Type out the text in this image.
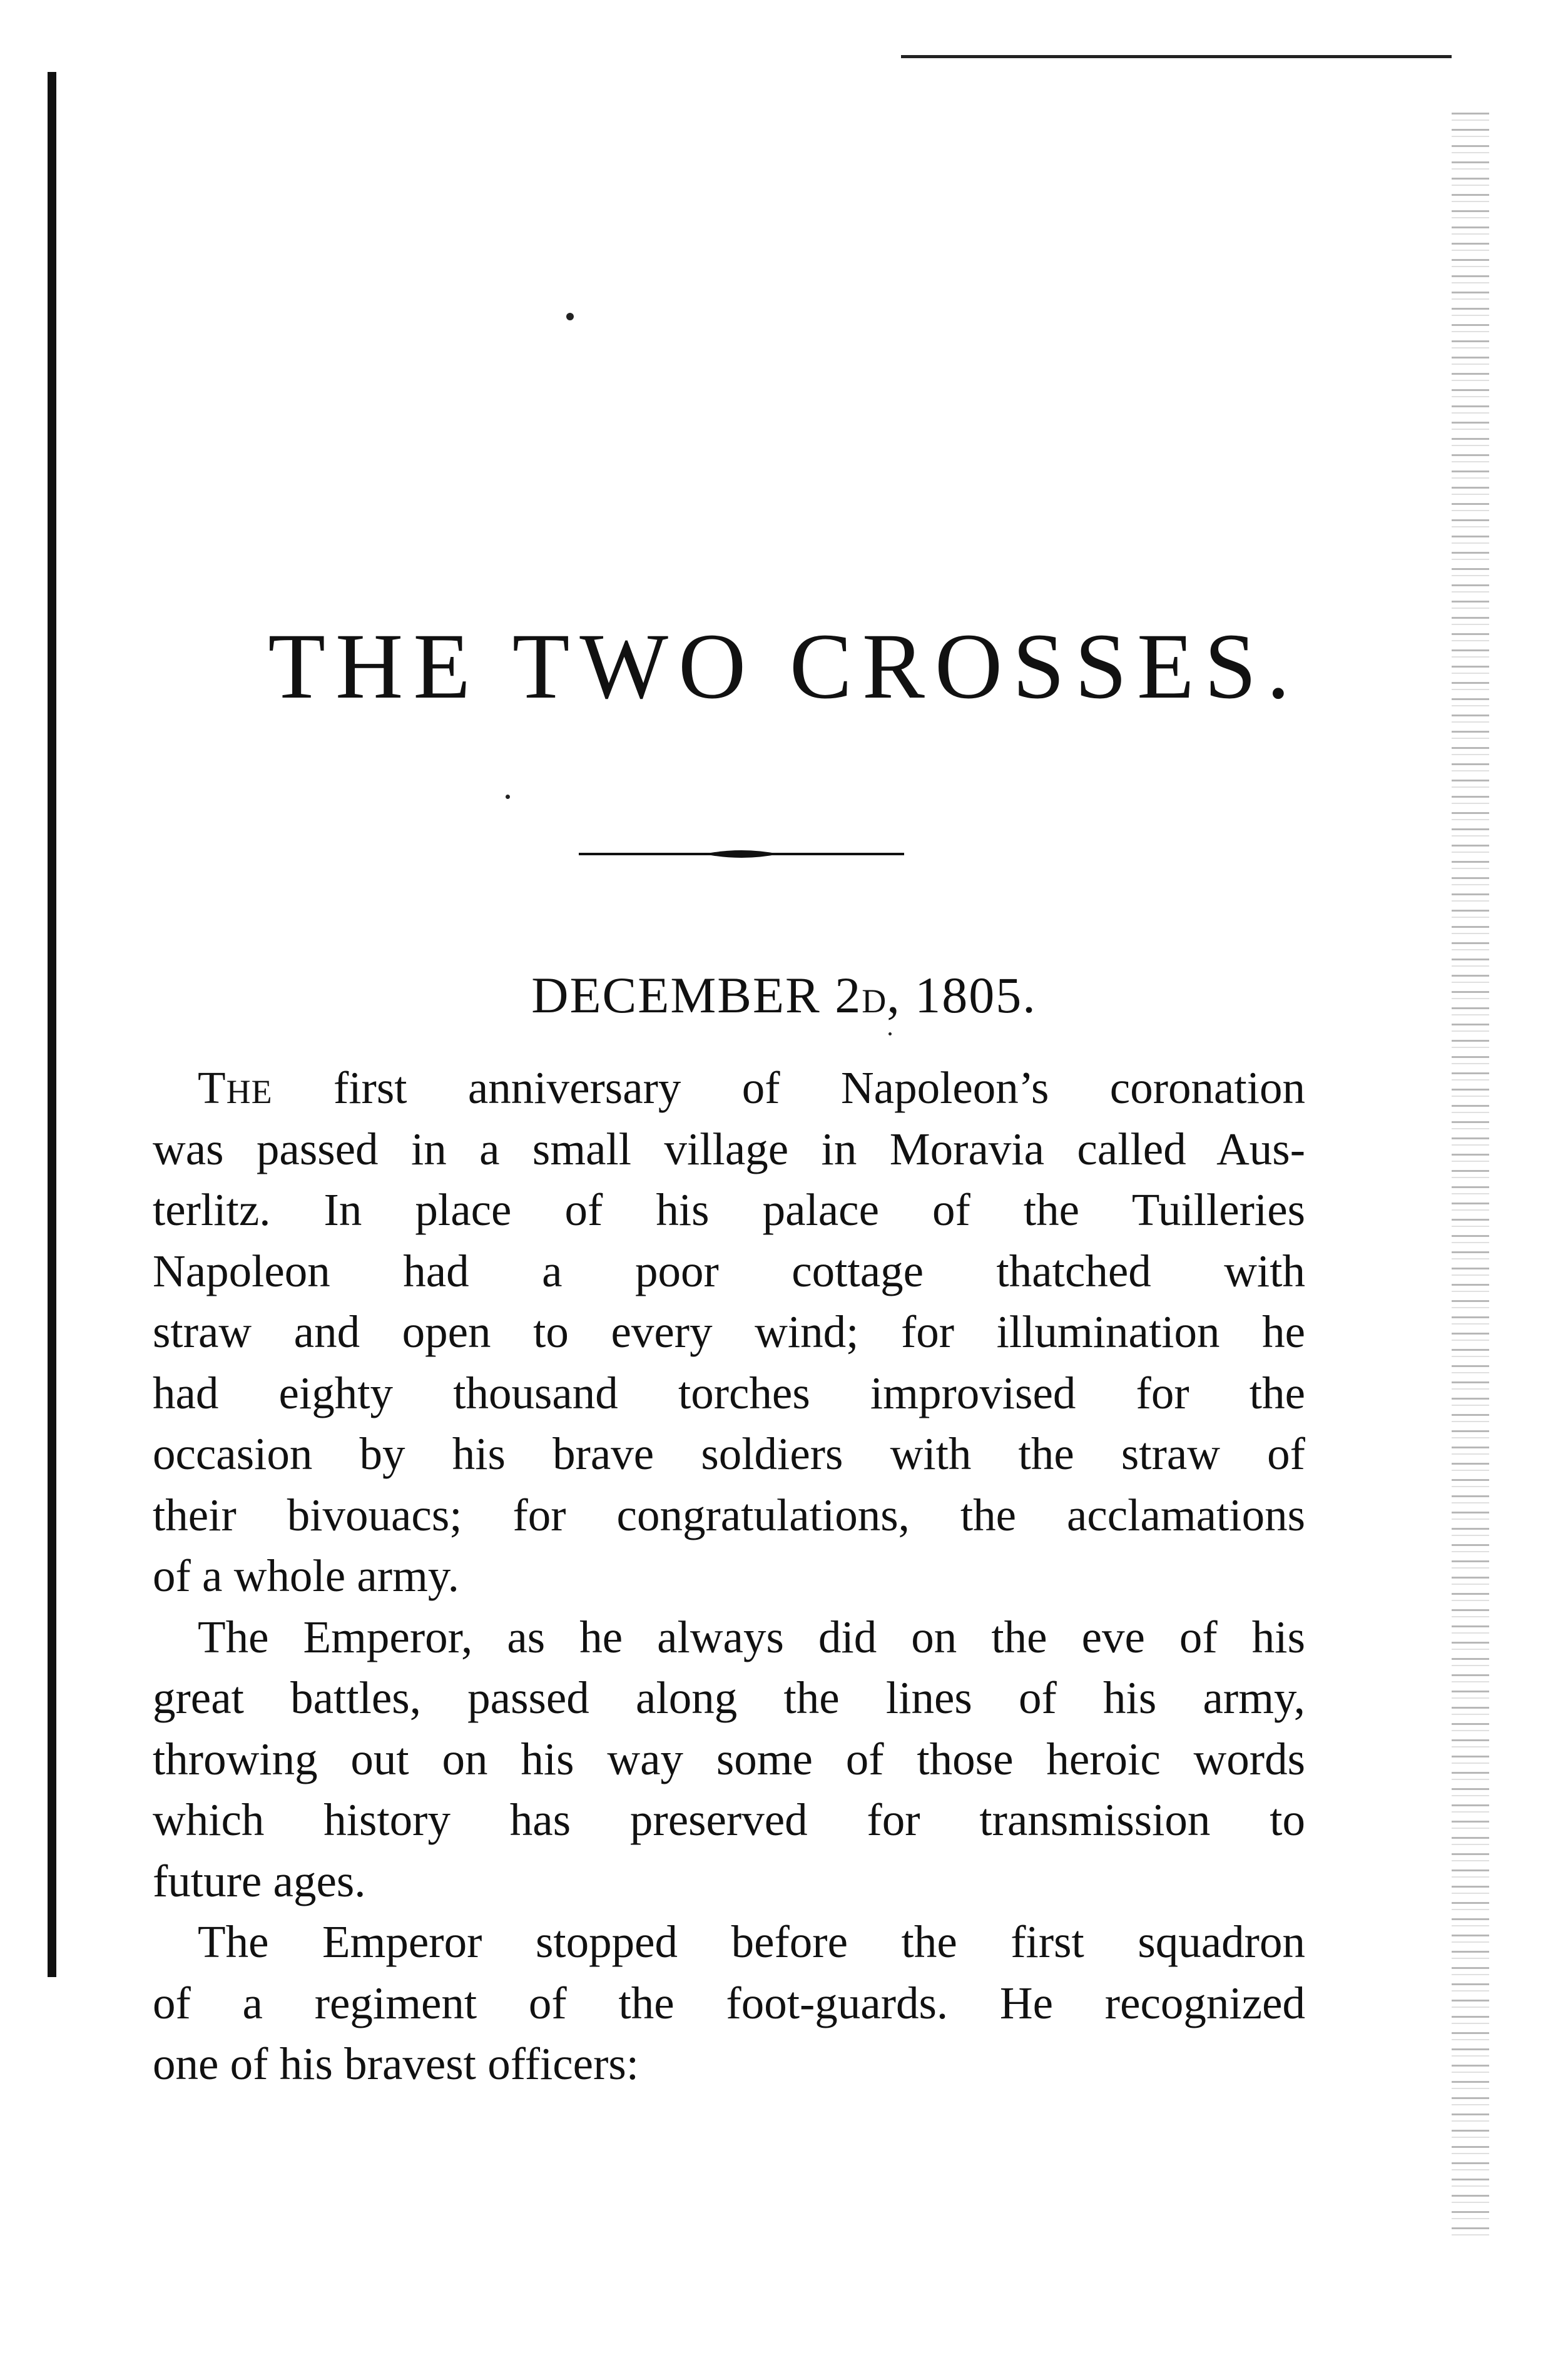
THE TWO CROSSES.
DECEMBER 2D, 1805.
THE first anniversary of Napoleon’s coronation
was passed in a small village in Moravia called Aus-
terlitz. In place of his palace of the Tuilleries
Napoleon had a poor cottage thatched with
straw and open to every wind; for illumination he
had eighty thousand torches improvised for the
occasion by his brave soldiers with the straw of
their bivouacs; for congratulations, the acclamations
of a whole army.
The Emperor, as he always did on the eve of his
great battles, passed along the lines of his army,
throwing out on his way some of those heroic words
which history has preserved for transmission to
future ages.
The Emperor stopped before the first squadron
of a regiment of the foot-guards. He recognized
one of his bravest officers:
